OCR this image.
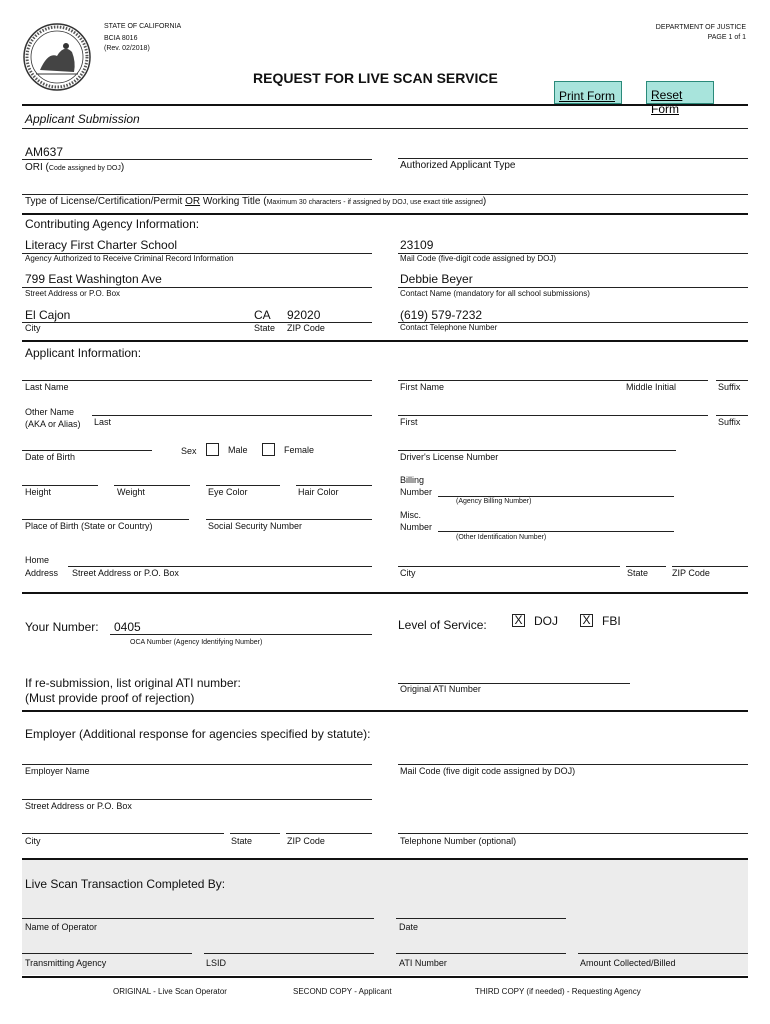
STATE OF CALIFORNIA
BCIA 8016
(Rev. 02/2018)
DEPARTMENT OF JUSTICE
PAGE 1 of 1
REQUEST FOR LIVE SCAN SERVICE
Print Form	Reset Form
Applicant Submission
AM637
ORI (Code assigned by DOJ)	Authorized Applicant Type
Type of License/Certification/Permit OR Working Title (Maximum 30 characters - if assigned by DOJ, use exact title assigned)
Contributing Agency Information:
Literacy First Charter School
Agency Authorized to Receive Criminal Record Information
23109
Mail Code (five-digit code assigned by DOJ)
799 East Washington Ave
Street Address or P.O. Box
Debbie Beyer
Contact Name (mandatory for all school submissions)
El Cajon	CA 92020
City	State ZIP Code
(619) 579-7232
Contact Telephone Number
Applicant Information:
Last Name	First Name	Middle Initial	Suffix
Other Name
(AKA or Alias) Last	First	Suffix
Date of Birth
Sex	Male	Female
Driver's License Number
Height	Weight	Eye Color	Hair Color
Billing
Number
(Agency Billing Number)
Place of Birth (State or Country)	Social Security Number
Misc.
Number
(Other Identification Number)
Home
Address Street Address or P.O. Box	City	State	ZIP Code
Your Number: 0405
OCA Number (Agency Identifying Number)
Level of Service: X DOJ X FBI
If re-submission, list original ATI number:
(Must provide proof of rejection)
Original ATI Number
Employer (Additional response for agencies specified by statute):
Employer Name	Mail Code (five digit code assigned by DOJ)
Street Address or P.O. Box
City	State	ZIP Code	Telephone Number (optional)
Live Scan Transaction Completed By:
Name of Operator	Date
Transmitting Agency	LSID	ATI Number	Amount Collected/Billed
ORIGINAL - Live Scan Operator	SECOND COPY - Applicant	THIRD COPY (if needed) - Requesting Agency
